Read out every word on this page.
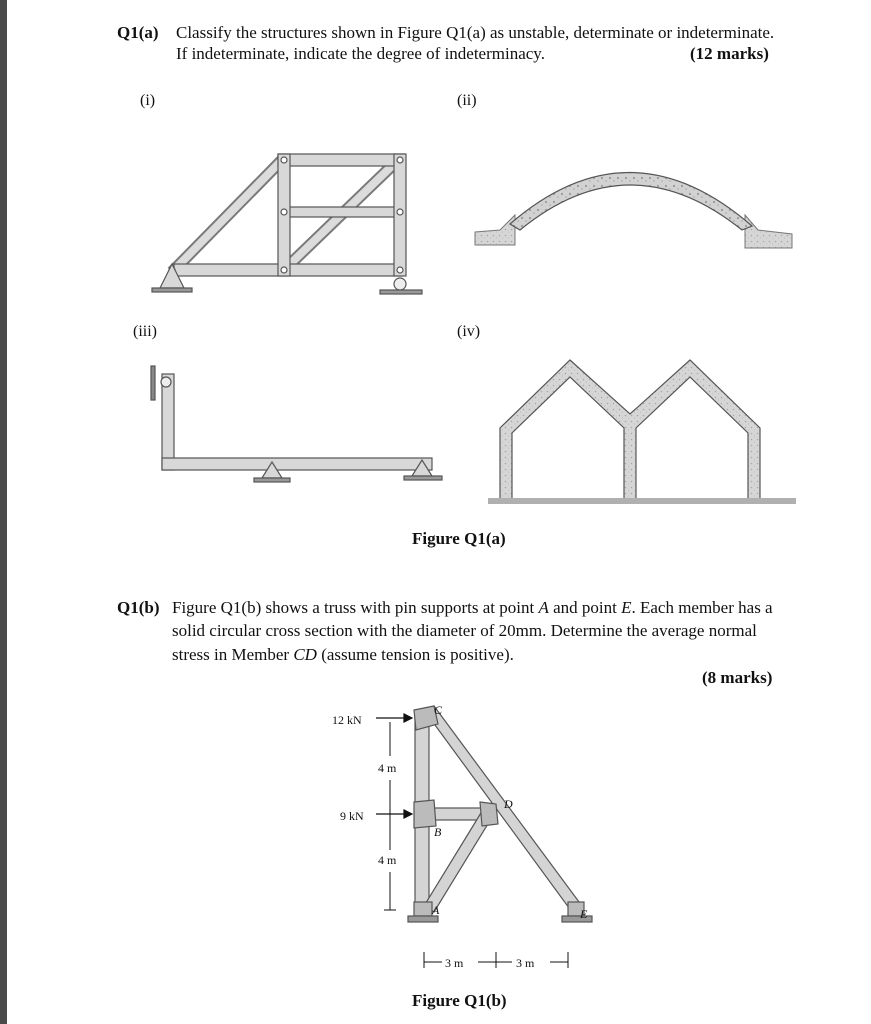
Q1(a) Classify the structures shown in Figure Q1(a) as unstable, determinate or indeterminate.
If indeterminate, indicate the degree of indeterminacy.	(12 marks)
(i)	(ii)
(iii)	(iv)
Figure Q1(a)
Q1(b) Figure Q1(b) shows a truss with pin supports at point A and point E. Each member has a
solid circular cross section with the diameter of 20mm. Determine the average normal
stress in Member CD (assume tension is positive).
(8 marks)
12 kN
9 kN
4 m
4 m
3 m	3 m
C
D
B
A	E
Figure Q1(b)
